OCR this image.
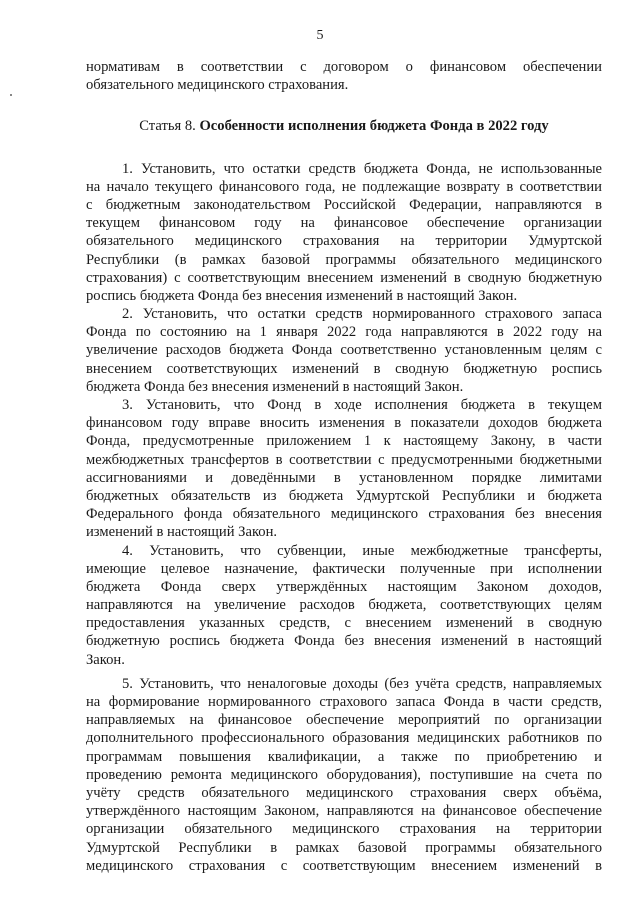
5
нормативам в соответствии с договором о финансовом обеспечении
обязательного медицинского страхования.
Статья 8. Особенности исполнения бюджета Фонда в 2022 году
1. Установить, что остатки средств бюджета Фонда, не использованные
на начало текущего финансового года, не подлежащие возврату в соответствии
с бюджетным законодательством Российской Федерации, направляются в
текущем финансовом году на финансовое обеспечение организации
обязательного медицинского страхования на территории Удмуртской
Республики (в рамках базовой программы обязательного медицинского
страхования) с соответствующим внесением изменений в сводную бюджетную
роспись бюджета Фонда без внесения изменений в настоящий Закон.
2. Установить, что остатки средств нормированного страхового запаса
Фонда по состоянию на 1 января 2022 года направляются в 2022 году на
увеличение расходов бюджета Фонда соответственно установленным целям с
внесением соответствующих изменений в сводную бюджетную роспись
бюджета Фонда без внесения изменений в настоящий Закон.
3. Установить, что Фонд в ходе исполнения бюджета в текущем
финансовом году вправе вносить изменения в показатели доходов бюджета
Фонда, предусмотренные приложением 1 к настоящему Закону, в части
межбюджетных трансфертов в соответствии с предусмотренными бюджетными
ассигнованиями и доведёнными в установленном порядке лимитами
бюджетных обязательств из бюджета Удмуртской Республики и бюджета
Федерального фонда обязательного медицинского страхования без внесения
изменений в настоящий Закон.
4. Установить, что субвенции, иные межбюджетные трансферты,
имеющие целевое назначение, фактически полученные при исполнении
бюджета Фонда сверх утверждённых настоящим Законом доходов,
направляются на увеличение расходов бюджета, соответствующих целям
предоставления указанных средств, с внесением изменений в сводную
бюджетную роспись бюджета Фонда без внесения изменений в настоящий
Закон.
5. Установить, что неналоговые доходы (без учёта средств, направляемых
на формирование нормированного страхового запаса Фонда в части средств,
направляемых на финансовое обеспечение мероприятий по организации
дополнительного профессионального образования медицинских работников по
программам повышения квалификации, а также по приобретению и
проведению ремонта медицинского оборудования), поступившие на счета по
учёту средств обязательного медицинского страхования сверх объёма,
утверждённого настоящим Законом, направляются на финансовое обеспечение
организации обязательного медицинского страхования на территории
Удмуртской Республики в рамках базовой программы обязательного
медицинского страхования с соответствующим внесением изменений в
